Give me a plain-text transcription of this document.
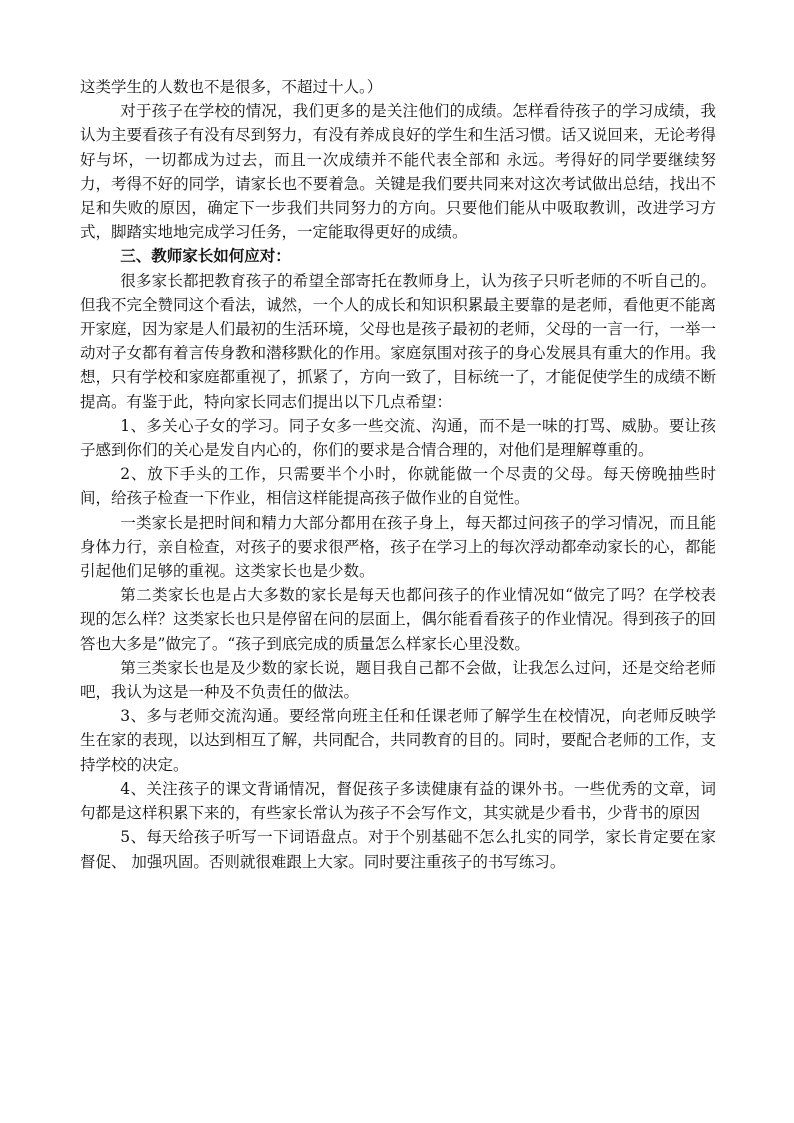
这类学生的人数也不是很多，不超过十人。）

对于孩子在学校的情况，我们更多的是关注他们的成绩。怎样看待孩子的学习成绩，我认为主要看孩子有没有尽到努力，有没有养成良好的学生和生活习惯。话又说回来，无论考得好与坏，一切都成为过去，而且一次成绩并不能代表全部和 永远。考得好的同学要继续努力，考得不好的同学，请家长也不要着急。关键是我们要共同来对这次考试做出总结，找出不足和失败的原因，确定下一步我们共同努力的方向。只要他们能从中吸取教训，改进学习方式，脚踏实地地完成学习任务，一定能取得更好的成绩。

三、教师家长如何应对：

很多家长都把教育孩子的希望全部寄托在教师身上，认为孩子只听老师的不听自己的。但我不完全赞同这个看法，诚然，一个人的成长和知识积累最主要靠的是老师，看他更不能离开家庭，因为家是人们最初的生活环境，父母也是孩子最初的老师，父母的一言一行，一举一动对子女都有着言传身教和潜移默化的作用。家庭氛围对孩子的身心发展具有重大的作用。我想，只有学校和家庭都重视了，抓紧了，方向一致了，目标统一了，才能促使学生的成绩不断提高。有鉴于此，特向家长同志们提出以下几点希望：

1、多关心子女的学习。同子女多一些交流、沟通，而不是一味的打骂、威胁。要让孩子感到你们的关心是发自内心的，你们的要求是合情合理的，对他们是理解尊重的。

2、放下手头的工作，只需要半个小时，你就能做一个尽责的父母。每天傍晚抽些时间，给孩子检查一下作业，相信这样能提高孩子做作业的自觉性。

一类家长是把时间和精力大部分都用在孩子身上，每天都过问孩子的学习情况，而且能身体力行，亲自检查，对孩子的要求很严格，孩子在学习上的每次浮动都牵动家长的心，都能引起他们足够的重视。这类家长也是少数。

第二类家长也是占大多数的家长是每天也都问孩子的作业情况如“做完了吗？在学校表现的怎么样？这类家长也只是停留在问的层面上，偶尔能看看孩子的作业情况。得到孩子的回答也大多是”做完了。“孩子到底完成的质量怎么样家长心里没数。

第三类家长也是及少数的家长说，题目我自己都不会做，让我怎么过问，还是交给老师吧，我认为这是一种及不负责任的做法。

3、多与老师交流沟通。要经常向班主任和任课老师了解学生在校情况，向老师反映学生在家的表现，以达到相互了解，共同配合，共同教育的目的。同时，要配合老师的工作，支持学校的决定。

4、关注孩子的课文背诵情况，督促孩子多读健康有益的课外书。一些优秀的文章，词句都是这样积累下来的，有些家长常认为孩子不会写作文，其实就是少看书，少背书的原因

5、每天给孩子听写一下词语盘点。对于个别基础不怎么扎实的同学，家长肯定要在家督促、 加强巩固。否则就很难跟上大家。同时要注重孩子的书写练习。
